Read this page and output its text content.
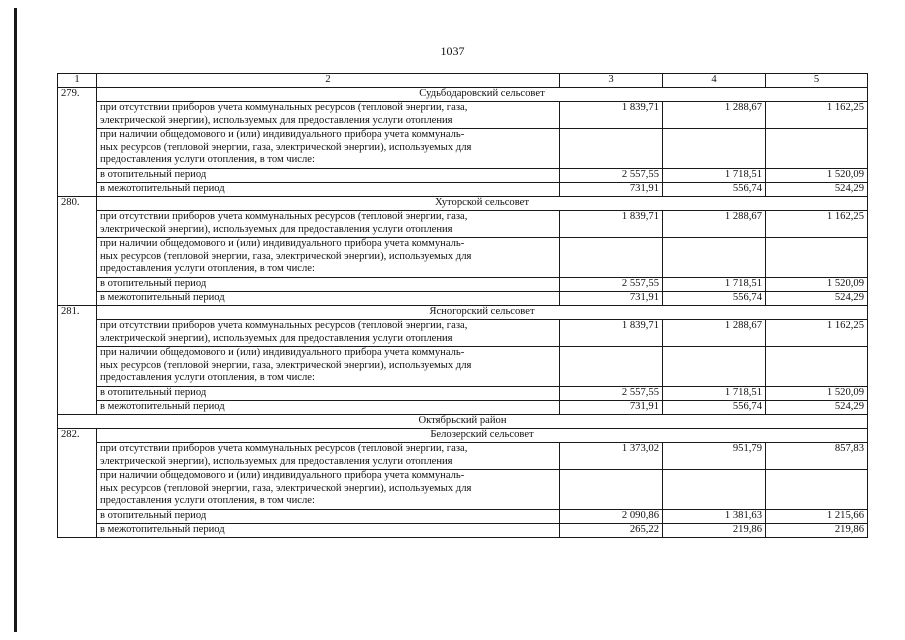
1037
1	2	3	4	5
279.	Судьбодаровский сельсовет			

	при отсутствии приборов учета коммунальных ресурсов (тепловой энергии, газа,
электрической энергии), используемых для предоставления услуги отопления	1 839,71	1 288,67	1 162,25

	при наличии общедомового и (или) индивидуального прибора учета коммуналь-
ных ресурсов (тепловой энергии, газа, электрической энергии), используемых для
предоставления услуги отопления, в том числе:			

	в отопительный период	2 557,55	1 718,51	1 520,09
	в межотопительный период	731,91	556,74	524,29
280.	Хуторской сельсовет			

	при отсутствии приборов учета коммунальных ресурсов (тепловой энергии, газа,
электрической энергии), используемых для предоставления услуги отопления	1 839,71	1 288,67	1 162,25

	при наличии общедомового и (или) индивидуального прибора учета коммуналь-
ных ресурсов (тепловой энергии, газа, электрической энергии), используемых для
предоставления услуги отопления, в том числе:			

	в отопительный период	2 557,55	1 718,51	1 520,09
	в межотопительный период	731,91	556,74	524,29
281.	Ясногорский сельсовет			

	при отсутствии приборов учета коммунальных ресурсов (тепловой энергии, газа,
электрической энергии), используемых для предоставления услуги отопления	1 839,71	1 288,67	1 162,25

	при наличии общедомового и (или) индивидуального прибора учета коммуналь-
ных ресурсов (тепловой энергии, газа, электрической энергии), используемых для
предоставления услуги отопления, в том числе:			

	в отопительный период	2 557,55	1 718,51	1 520,09
	в межотопительный период	731,91	556,74	524,29
Октябрьский район				
282.	Белозерский сельсовет			

	при отсутствии приборов учета коммунальных ресурсов (тепловой энергии, газа,
электрической энергии), используемых для предоставления услуги отопления	1 373,02	951,79	857,83

	при наличии общедомового и (или) индивидуального прибора учета коммуналь-
ных ресурсов (тепловой энергии, газа, электрической энергии), используемых для
предоставления услуги отопления, в том числе:			

	в отопительный период	2 090,86	1 381,63	1 215,66
	в межотопительный период	265,22	219,86	219,86
